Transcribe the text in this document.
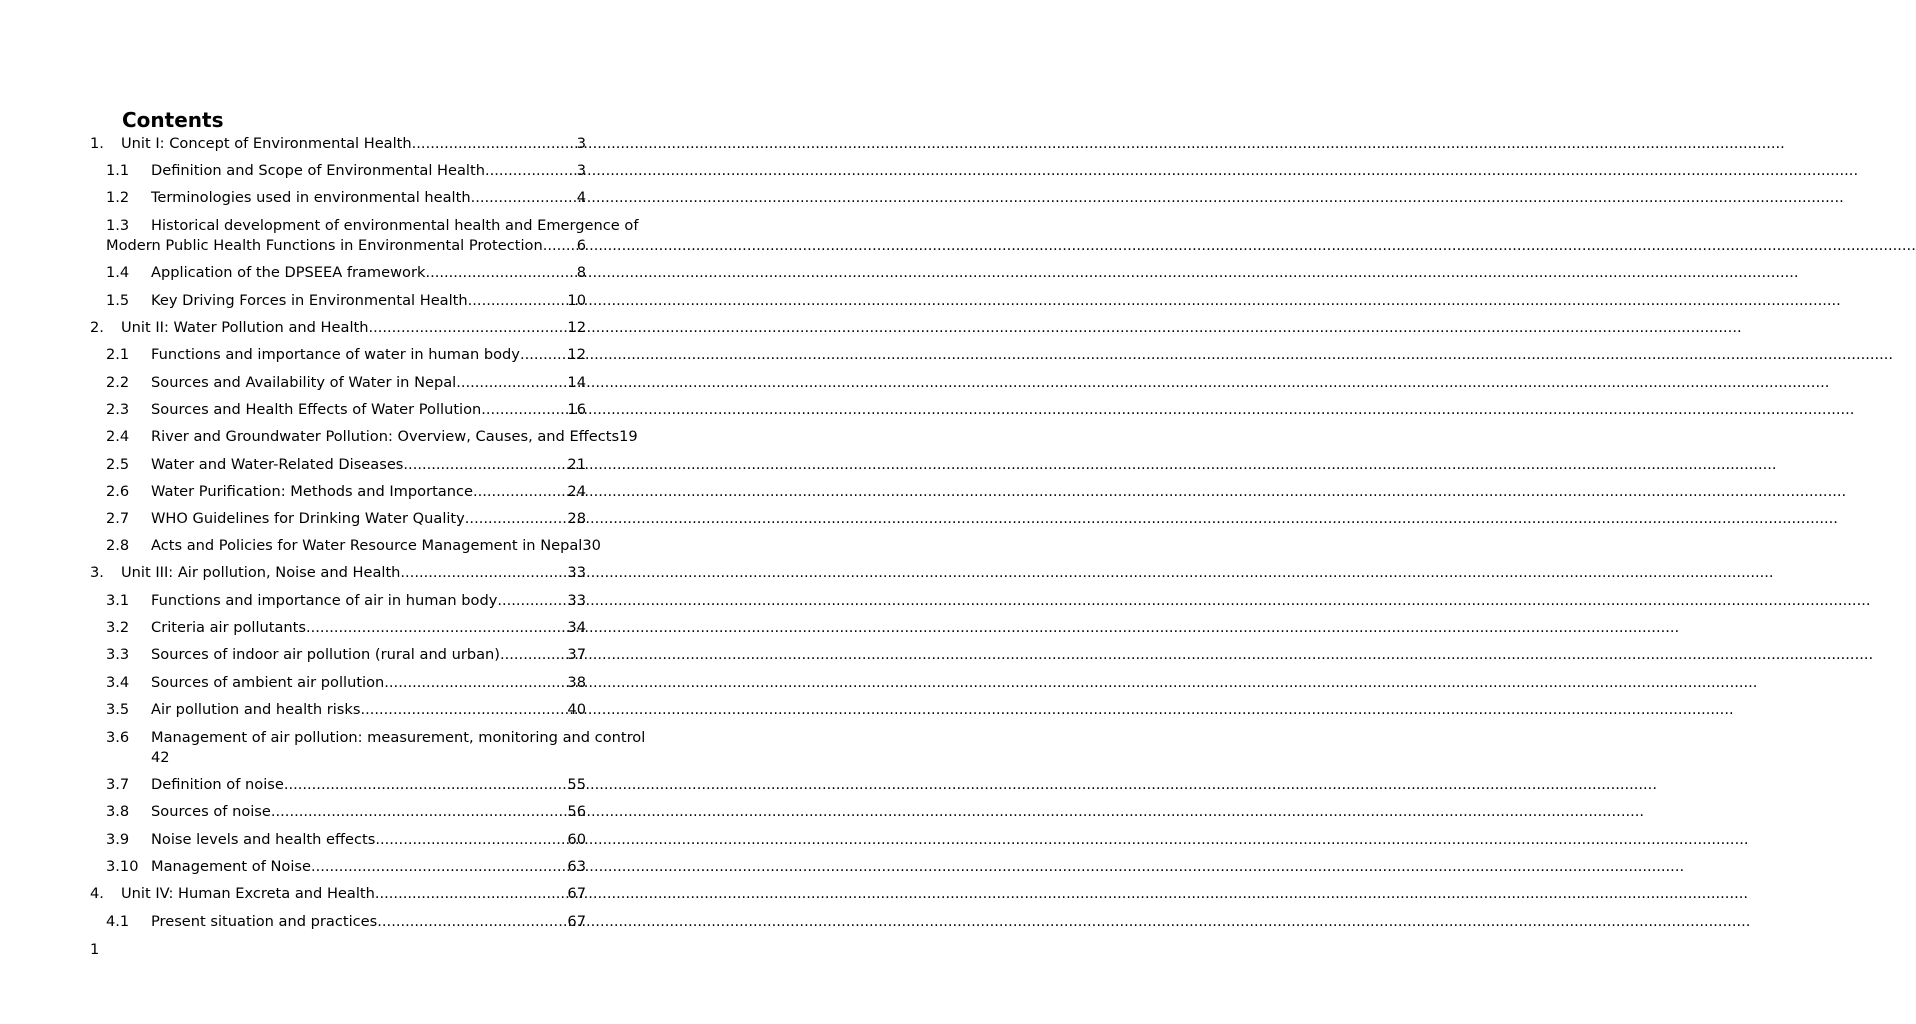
Contents
1. Unit I: Concept of Environmental Health .....	3
1.1 Definition and Scope of Environmental Health .....	3
1.2 Terminologies used in environmental health .....	4
1.3 Historical development of environmental health and Emergence of
Modern Public Health Functions in Environmental Protection ..... 6
1.4 Application of the DPSEEA framework .....	8
1.5 Key Driving Forces in Environmental Health .....	10
2. Unit II: Water Pollution and Health .....	12
2.1 Functions and importance of water in human body .....	12
2.2 Sources and Availability of Water in Nepal .....	14
2.3 Sources and Health Effects of Water Pollution .....	16
2.4 River and Groundwater Pollution: Overview, Causes, and Effects 19
2.5 Water and Water-Related Diseases .....	21
2.6 Water Purification: Methods and Importance .....	24
2.7 WHO Guidelines for Drinking Water Quality .....	28
2.8 Acts and Policies for Water Resource Management in Nepal 30
3. Unit III: Air pollution, Noise and Health .....	33
3.1 Functions and importance of air in human body .....	33
3.2 Criteria air pollutants .....	34
3.3 Sources of indoor air pollution (rural and urban) .....	37
3.4 Sources of ambient air pollution .....	38
3.5 Air pollution and health risks .....	40
3.6 Management of air pollution: measurement, monitoring and control
42
3.7 Definition of noise .....	55
3.8 Sources of noise .....	56
3.9 Noise levels and health effects .....	60
3.10 Management of Noise .....	63
4. Unit IV: Human Excreta and Health .....	67
4.1 Present situation and practices .....	67
1
